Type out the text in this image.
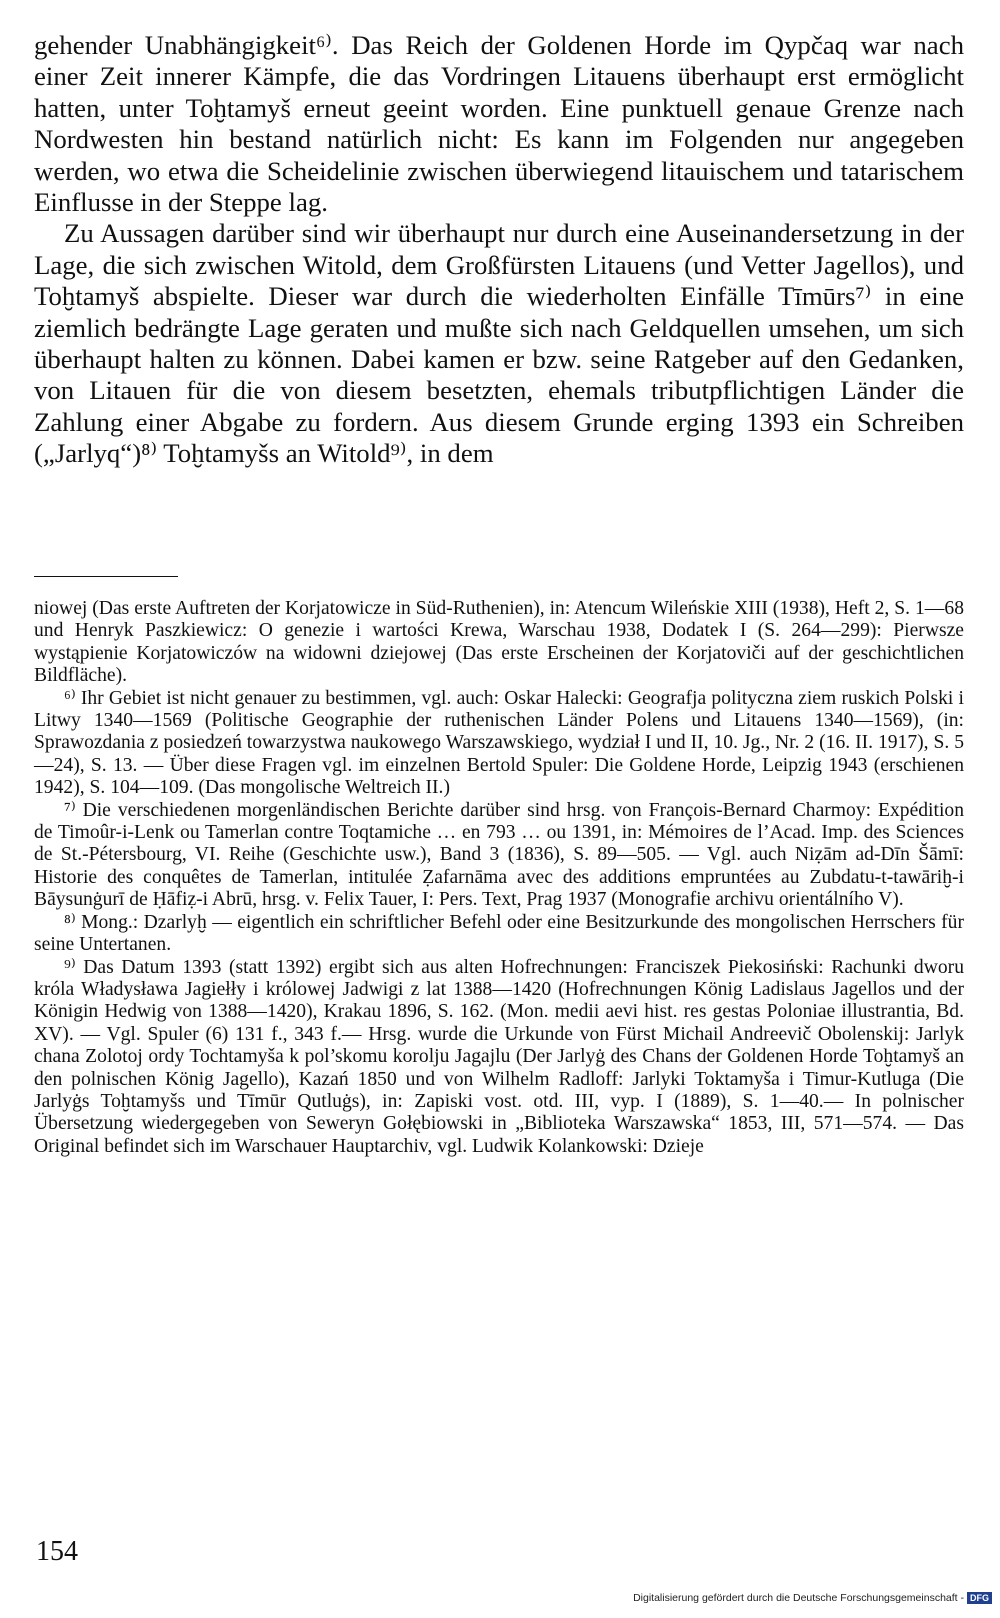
gehender Unabhängigkeit⁶⁾. Das Reich der Goldenen Horde im Qypčaq war nach einer Zeit innerer Kämpfe, die das Vordringen Litauens überhaupt erst ermöglicht hatten, unter Toḫtamyš erneut geeint worden. Eine punktuell genaue Grenze nach Nordwesten hin bestand natürlich nicht: Es kann im Folgenden nur angegeben werden, wo etwa die Scheidelinie zwischen überwiegend litauischem und tatarischem Einflusse in der Steppe lag.

Zu Aussagen darüber sind wir überhaupt nur durch eine Auseinandersetzung in der Lage, die sich zwischen Witold, dem Großfürsten Litauens (und Vetter Jagellos), und Toḫtamyš abspielte. Dieser war durch die wiederholten Einfälle Tīmūrs⁷⁾ in eine ziemlich bedrängte Lage geraten und mußte sich nach Geldquellen umsehen, um sich überhaupt halten zu können. Dabei kamen er bzw. seine Ratgeber auf den Gedanken, von Litauen für die von diesem besetzten, ehemals tributpflichtigen Länder die Zahlung einer Abgabe zu fordern. Aus diesem Grunde erging 1393 ein Schreiben („Jarlyq“)⁸⁾ Toḫtamyšs an Witold⁹⁾, in dem

niowej (Das erste Auftreten der Korjatowicze in Süd-Ruthenien), in: Atencum Wileńskie XIII (1938), Heft 2, S. 1—68 und Henryk Paszkiewicz: O genezie i wartości Krewa, Warschau 1938, Dodatek I (S. 264—299): Pierwsze wystąpienie Korjatowiczów na widowni dziejowej (Das erste Erscheinen der Korjatoviči auf der geschichtlichen Bildfläche).

⁶⁾ Ihr Gebiet ist nicht genauer zu bestimmen, vgl. auch: Oskar Halecki: Geografja polityczna ziem ruskich Polski i Litwy 1340—1569 (Politische Geographie der ruthenischen Länder Polens und Litauens 1340—1569), (in: Sprawozdania z posiedzeń towarzystwa naukowego Warszawskiego, wydział I und II, 10. Jg., Nr. 2 (16. II. 1917), S. 5—24), S. 13. — Über diese Fragen vgl. im einzelnen Bertold Spuler: Die Goldene Horde, Leipzig 1943 (erschienen 1942), S. 104—109. (Das mongolische Weltreich II.)

⁷⁾ Die verschiedenen morgenländischen Berichte darüber sind hrsg. von François-Bernard Charmoy: Expédition de Timoûr-i-Lenk ou Tamerlan contre Toqtamiche … en 793 … ou 1391, in: Mémoires de l’Acad. Imp. des Sciences de St.-Pétersbourg, VI. Reihe (Geschichte usw.), Band 3 (1836), S. 89—505. — Vgl. auch Niẓām ad-Dīn Šāmī: Historie des conquêtes de Tamerlan, intitulée Ẓafarnāma avec des additions empruntées au Zubdatu-t-tawāriḫ-i Bāysunġurī de Ḥāfiẓ-i Abrū, hrsg. v. Felix Tauer, I: Pers. Text, Prag 1937 (Monografie archivu orientálního V).

⁸⁾ Mong.: Dzarlyḫ — eigentlich ein schriftlicher Befehl oder eine Besitzurkunde des mongolischen Herrschers für seine Untertanen.

⁹⁾ Das Datum 1393 (statt 1392) ergibt sich aus alten Hofrechnungen: Franciszek Piekosiński: Rachunki dworu króla Władysława Jagiełły i królowej Jadwigi z lat 1388—1420 (Hofrechnungen König Ladislaus Jagellos und der Königin Hedwig von 1388—1420), Krakau 1896, S. 162. (Mon. medii aevi hist. res gestas Poloniae illustrantia, Bd. XV). — Vgl. Spuler (6) 131 f., 343 f.— Hrsg. wurde die Urkunde von Fürst Michail Andreevič Obolenskij: Jarlyk chana Zolotoj ordy Tochtamyša k pol’skomu korolju Jagajlu (Der Jarlyġ des Chans der Goldenen Horde Toḫtamyš an den polnischen König Jagello), Kazań 1850 und von Wilhelm Radloff: Jarlyki Toktamyša i Timur-Kutluga (Die Jarlyġs Toḫtamyšs und Tīmūr Qutluġs), in: Zapiski vost. otd. III, vyp. I (1889), S. 1—40.— In polnischer Übersetzung wiedergegeben von Seweryn Gołębiowski in „Biblioteka Warszawska“ 1853, III, 571—574. — Das Original befindet sich im Warschauer Hauptarchiv, vgl. Ludwik Kolankowski: Dzieje

154
Digitalisierung gefördert durch die Deutsche Forschungsgemeinschaft - DFG
